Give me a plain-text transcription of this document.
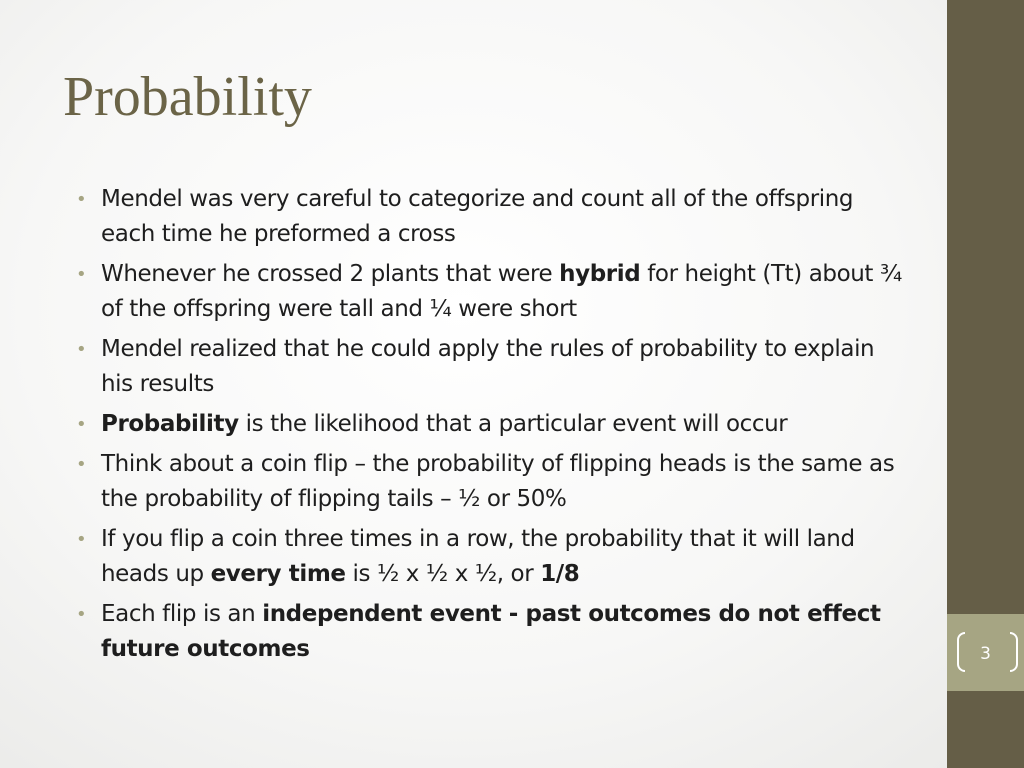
3
Probability
• Mendel was very careful to categorize and count all of the offspring each time he preformed a cross
• Whenever he crossed 2 plants that were hybrid for height (Tt) about ¾ of the offspring were tall and ¼ were short
• Mendel realized that he could apply the rules of probability to explain his results
• Probability is the likelihood that a particular event will occur
• Think about a coin flip – the probability of flipping heads is the same as the probability of flipping tails – ½ or 50%
• If you flip a coin three times in a row, the probability that it will land heads up every time is ½ x ½ x ½, or 1/8
• Each flip is an independent event - past outcomes do not effect future outcomes
